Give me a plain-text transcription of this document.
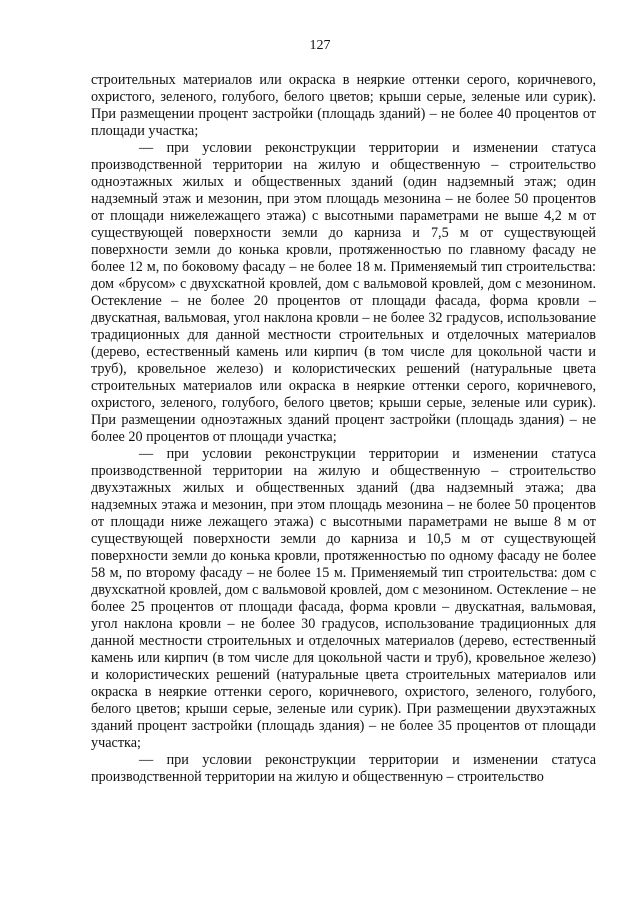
127

строительных материалов или окраска в неяркие оттенки серого, коричневого, охристого, зеленого, голубого, белого цветов; крыши серые, зеленые или сурик). При размещении процент застройки (площадь зданий) – не более 40 процентов от площади участка;

— при условии реконструкции территории и изменении статуса производственной территории на жилую и общественную – строительство одноэтажных жилых и общественных зданий (один надземный этаж; один надземный этаж и мезонин, при этом площадь мезонина – не более 50 процентов от площади нижележащего этажа) с высотными параметрами не выше 4,2 м от существующей поверхности земли до карниза и 7,5 м от существующей поверхности земли до конька кровли, протяженностью по главному фасаду не более 12 м, по боковому фасаду – не более 18 м. Применяемый тип строительства: дом «брусом» с двухскатной кровлей, дом с вальмовой кровлей, дом с мезонином. Остекление – не более 20 процентов от площади фасада, форма кровли – двускатная, вальмовая, угол наклона кровли – не более 32 градусов, использование традиционных для данной местности строительных и отделочных материалов (дерево, естественный камень или кирпич (в том числе для цокольной части и труб), кровельное железо) и колористических решений (натуральные цвета строительных материалов или окраска в неяркие оттенки серого, коричневого, охристого, зеленого, голубого, белого цветов; крыши серые, зеленые или сурик). При размещении одноэтажных зданий процент застройки (площадь здания) – не более 20 процентов от площади участка;

— при условии реконструкции территории и изменении статуса производственной территории на жилую и общественную – строительство двухэтажных жилых и общественных зданий (два надземный этажа; два надземных этажа и мезонин, при этом площадь мезонина – не более 50 процентов от площади ниже лежащего этажа) с высотными параметрами не выше 8 м от существующей поверхности земли до карниза и 10,5 м от существующей поверхности земли до конька кровли, протяженностью по одному фасаду не более 58 м, по второму фасаду – не более 15 м. Применяемый тип строительства: дом с двухскатной кровлей, дом с вальмовой кровлей, дом с мезонином. Остекление – не более 25 процентов от площади фасада, форма кровли – двускатная, вальмовая, угол наклона кровли – не более 30 градусов, использование традиционных для данной местности строительных и отделочных материалов (дерево, естественный камень или кирпич (в том числе для цокольной части и труб), кровельное железо) и колористических решений (натуральные цвета строительных материалов или окраска в неяркие оттенки серого, коричневого, охристого, зеленого, голубого, белого цветов; крыши серые, зеленые или сурик). При размещении двухэтажных зданий процент застройки (площадь здания) – не более 35 процентов от площади участка;

— при условии реконструкции территории и изменении статуса производственной территории на жилую и общественную – строительство
